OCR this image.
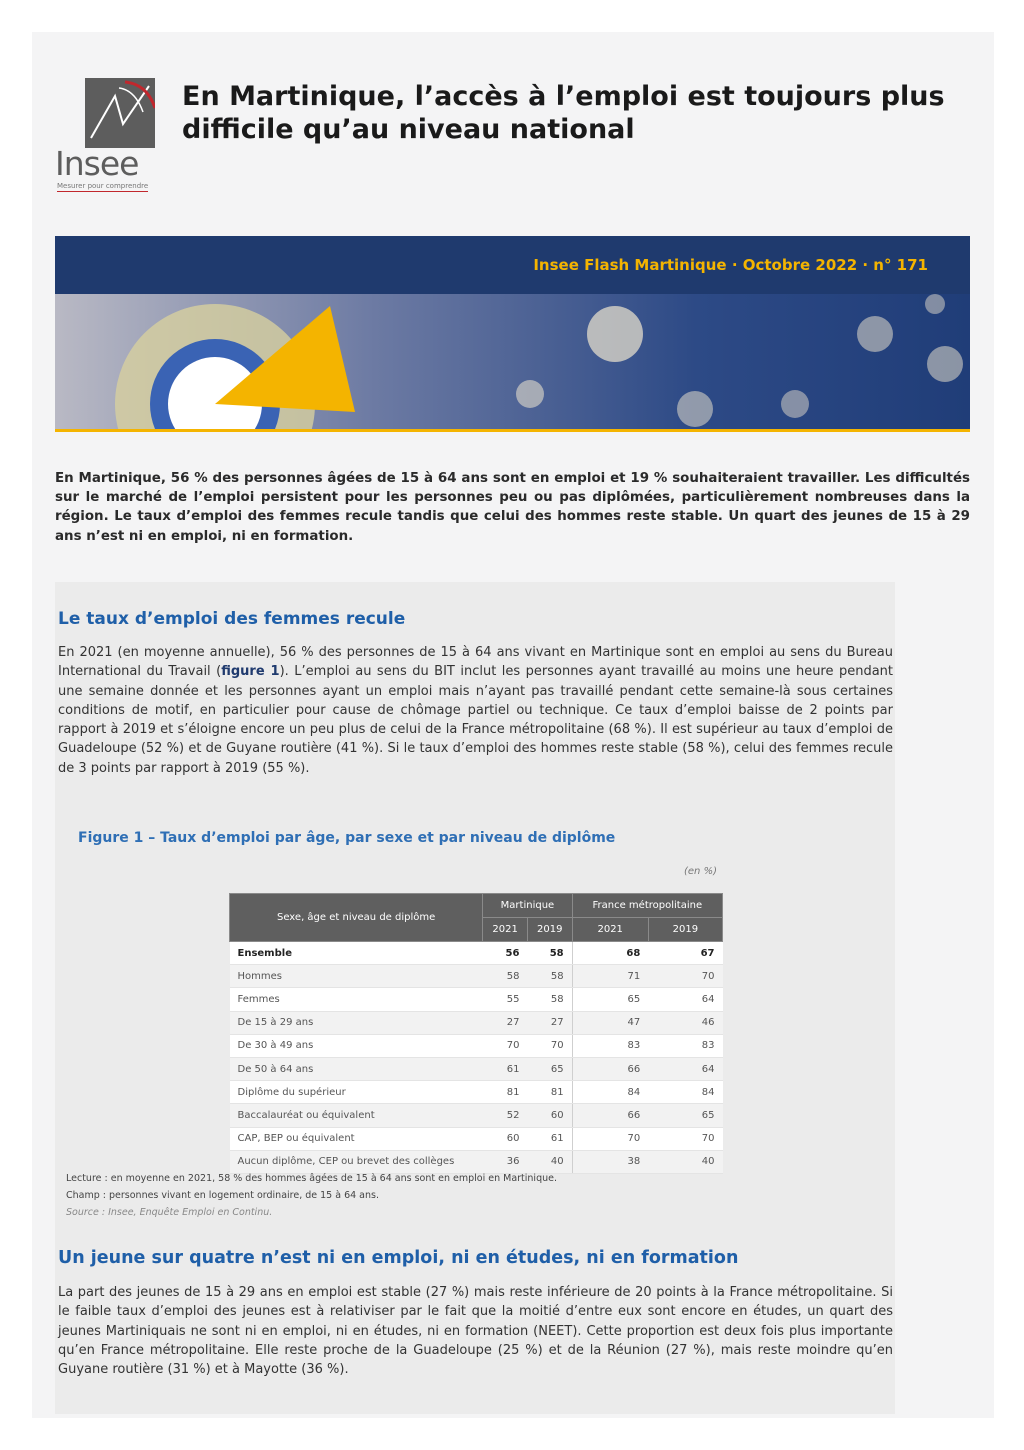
Insee
Mesurer pour comprendre
En Martinique, l’accès à l’emploi est toujours plus difficile qu’au niveau national
Insee Flash Martinique · Octobre 2022 · n° 171

En Martinique, 56 % des personnes âgées de 15 à 64 ans sont en emploi et 19 % souhaiteraient travailler. Les difficultés sur le marché de l’emploi persistent pour les personnes peu ou pas diplômées, particulièrement nombreuses dans la région. Le taux d’emploi des femmes recule tandis que celui des hommes reste stable. Un quart des jeunes de 15 à 29 ans n’est ni en emploi, ni en formation.

Le taux d’emploi des femmes recule

En 2021 (en moyenne annuelle), 56 % des personnes de 15 à 64 ans vivant en Martinique sont en emploi au sens du Bureau International du Travail (figure 1). L’emploi au sens du BIT inclut les personnes ayant travaillé au moins une heure pendant une semaine donnée et les personnes ayant un emploi mais n’ayant pas travaillé pendant cette semaine-là sous certaines conditions de motif, en particulier pour cause de chômage partiel ou technique. Ce taux d’emploi baisse de 2 points par rapport à 2019 et s’éloigne encore un peu plus de celui de la France métropolitaine (68 %). Il est supérieur au taux d’emploi de Guadeloupe (52 %) et de Guyane routière (41 %). Si le taux d’emploi des hommes reste stable (58 %), celui des femmes recule de 3 points par rapport à 2019 (55 %).

Figure 1 – Taux d’emploi par âge, par sexe et par niveau de diplôme
(en %)
Sexe, âge et niveau de diplôme	Martinique		France métropolitaine	
	2021	2019	2021	2019
Ensemble	56	58	68	67
Hommes	58	58	71	70
Femmes	55	58	65	64
De 15 à 29 ans	27	27	47	46
De 30 à 49 ans	70	70	83	83
De 50 à 64 ans	61	65	66	64
Diplôme du supérieur	81	81	84	84
Baccalauréat ou équivalent	52	60	66	65
CAP, BEP ou équivalent	60	61	70	70
Aucun diplôme, CEP ou brevet des collèges	36	40	38	40

Lecture : en moyenne en 2021, 58 % des hommes âgées de 15 à 64 ans sont en emploi en Martinique.

Champ : personnes vivant en logement ordinaire, de 15 à 64 ans.

Source : Insee, Enquête Emploi en Continu.

Un jeune sur quatre n’est ni en emploi, ni en études, ni en formation

La part des jeunes de 15 à 29 ans en emploi est stable (27 %) mais reste inférieure de 20 points à la France métropolitaine. Si le faible taux d’emploi des jeunes est à relativiser par le fait que la moitié d’entre eux sont encore en études, un quart des jeunes Martiniquais ne sont ni en emploi, ni en études, ni en formation (NEET). Cette proportion est deux fois plus importante qu’en France métropolitaine. Elle reste proche de la Guadeloupe (25 %) et de la Réunion (27 %), mais reste moindre qu’en Guyane routière (31 %) et à Mayotte (36 %).
